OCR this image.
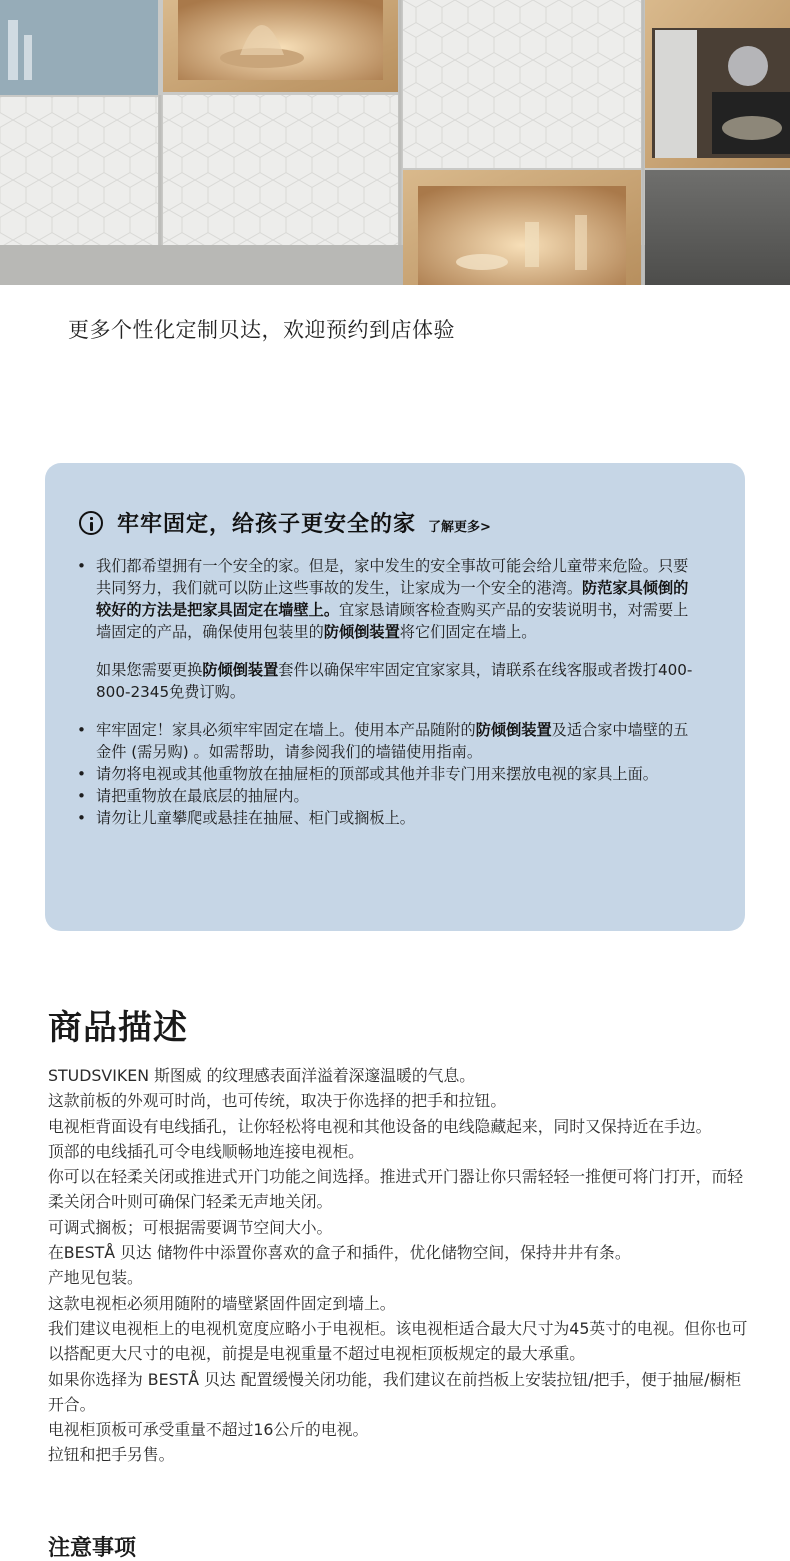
更多个性化定制贝达，欢迎预约到店体验
牢牢固定，给孩子更安全的家 了解更多>
• 我们都希望拥有一个安全的家。但是，家中发生的安全事故可能会给儿童带来危险。只要共同努力，我们就可以防止这些事故的发生，让家成为一个安全的港湾。防范家具倾倒的较好的方法是把家具固定在墙壁上。宜家恳请顾客检查购买产品的安装说明书，对需要上墙固定的产品，确保使用包装里的防倾倒装置将它们固定在墙上。
如果您需要更换防倾倒装置套件以确保牢牢固定宜家家具，请联系在线客服或者拨打400-800-2345免费订购。
• 牢牢固定！家具必须牢牢固定在墙上。使用本产品随附的防倾倒装置及适合家中墙壁的五金件 (需另购) 。如需帮助，请参阅我们的墙锚使用指南。
• 请勿将电视或其他重物放在抽屉柜的顶部或其他并非专门用来摆放电视的家具上面。
• 请把重物放在最底层的抽屉内。
• 请勿让儿童攀爬或悬挂在抽屉、柜门或搁板上。
商品描述

STUDSVIKEN 斯图威 的纹理感表面洋溢着深邃温暖的气息。

这款前板的外观可时尚，也可传统，取决于你选择的把手和拉钮。

电视柜背面设有电线插孔，让你轻松将电视和其他设备的电线隐藏起来，同时又保持近在手边。

顶部的电线插孔可令电线顺畅地连接电视柜。

你可以在轻柔关闭或推进式开门功能之间选择。推进式开门器让你只需轻轻一推便可将门打开，而轻柔关闭合叶则可确保门轻柔无声地关闭。

可调式搁板；可根据需要调节空间大小。

在BESTÅ 贝达 储物件中添置你喜欢的盒子和插件，优化储物空间，保持井井有条。

产地见包装。

这款电视柜必须用随附的墙壁紧固件固定到墙上。

我们建议电视柜上的电视机宽度应略小于电视柜。该电视柜适合最大尺寸为45英寸的电视。但你也可以搭配更大尺寸的电视，前提是电视重量不超过电视柜顶板规定的最大承重。

如果你选择为 BESTÅ 贝达 配置缓慢关闭功能，我们建议在前挡板上安装拉钮/把手，便于抽屉/橱柜开合。

电视柜顶板可承受重量不超过16公斤的电视。

拉钮和把手另售。

注意事项
